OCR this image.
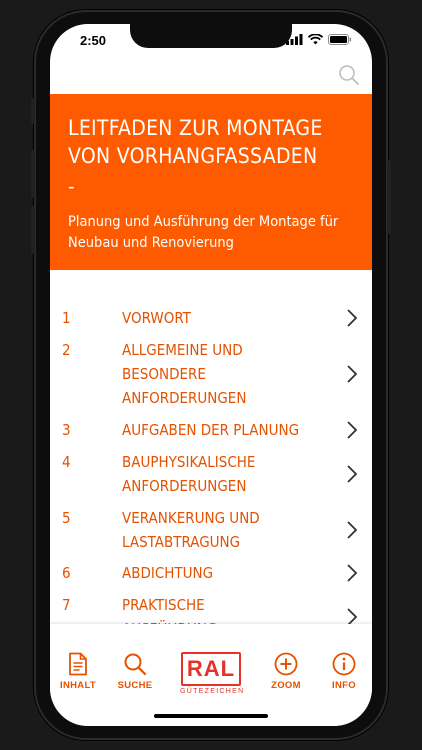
2:50
LEITFADEN ZUR MONTAGE VON VORHANGFASSADEN
-
Planung und Ausführung der Montage für Neubau und Renovierung
1	VORWORT
2	ALLGEMEINE UND
BESONDERE
ANFORDERUNGEN
3	AUFGABEN DER PLANUNG
4	BAUPHYSIKALISCHE
ANFORDERUNGEN
5	VERANKERUNG UND
LASTABTRAGUNG
6	ABDICHTUNG
7	PRAKTISCHE

INHALT	SUCHE
RAL
GÜTEZEICHEN
ZOOM	INFO
